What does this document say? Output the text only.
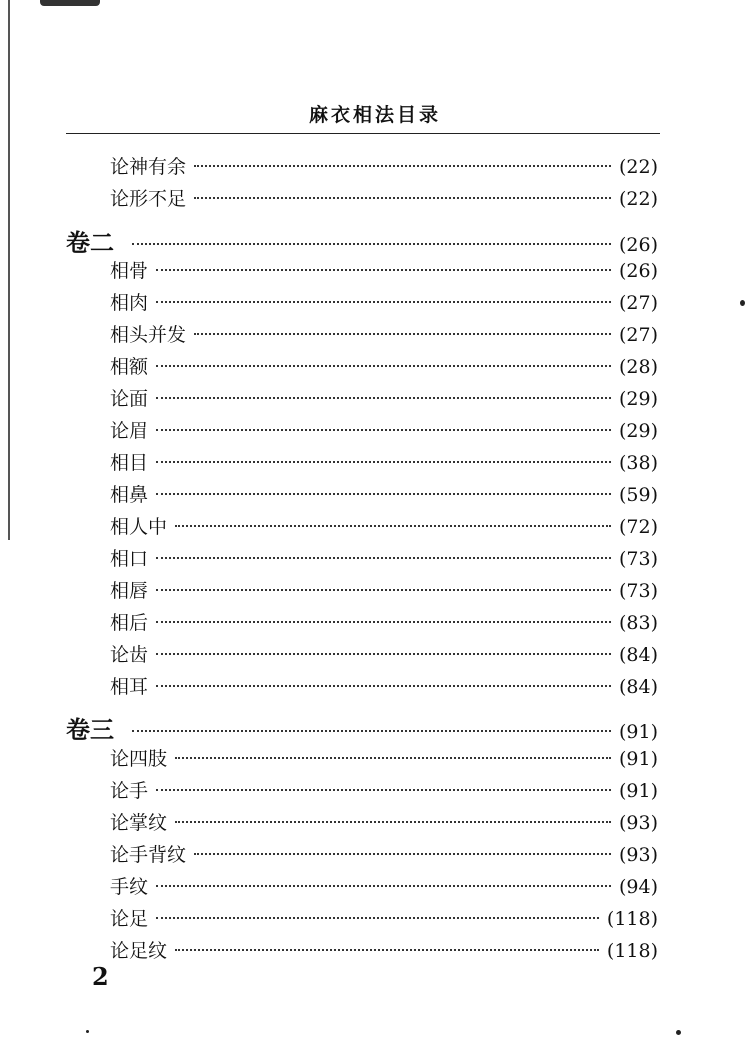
麻衣相法目录
论神有余	(22)
论形不足	(22)
卷二	(26)
相骨	(26)
相肉	(27)
相头并发	(27)
相额	(28)
论面	(29)
论眉	(29)
相目	(38)
相鼻	(59)
相人中	(72)
相口	(73)
相唇	(73)
相后	(83)
论齿	(84)
相耳	(84)
卷三	(91)
论四肢	(91)
论手	(91)
论掌纹	(93)
论手背纹	(93)
手纹	(94)
论足	(118)
论足纹	(118)
2
